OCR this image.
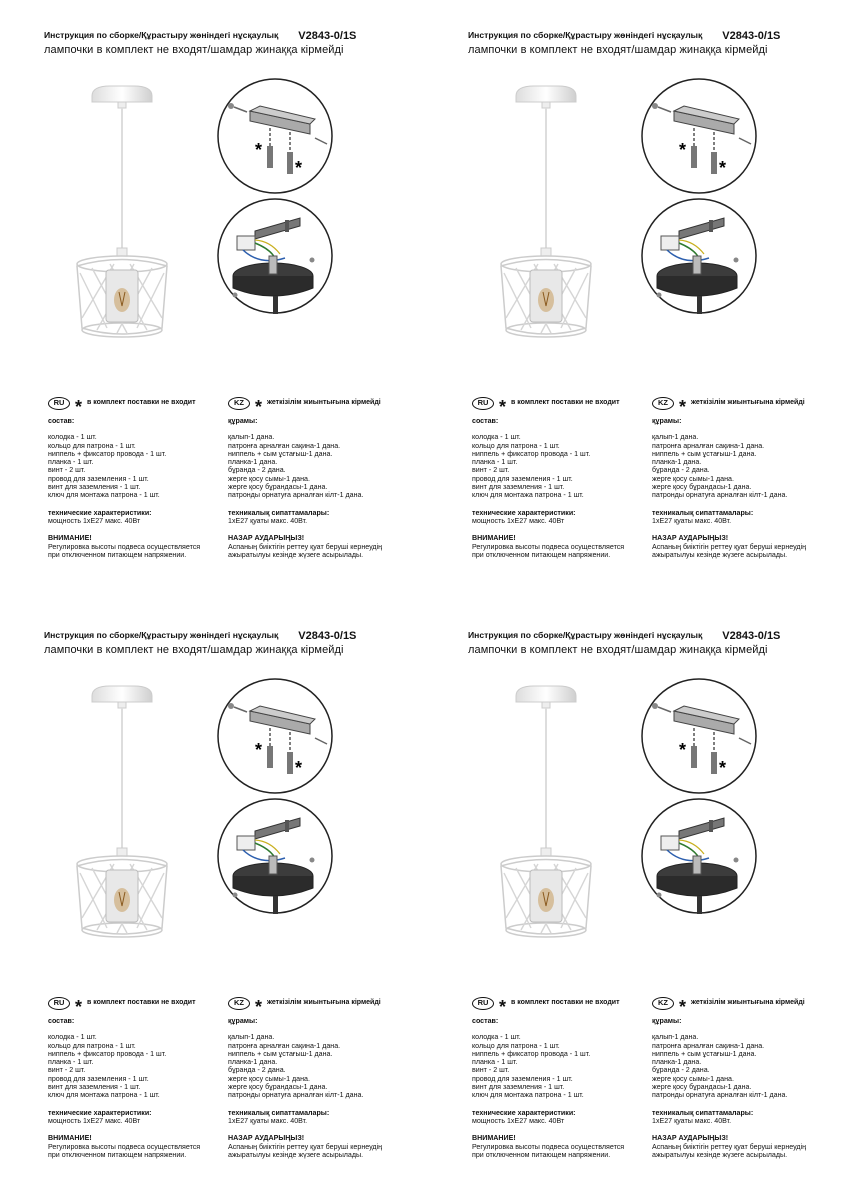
Инструкция по сборке/Құрастыру жөніндегі нұсқаулық V2843-0/1S
лампочки в комплект не входят/шамдар жинаққа кірмейді
*
*
RU * в комплект поставки не входит
состав:
колодка - 1 шт.
кольцо для патрона - 1 шт.
ниппель + фиксатор провода - 1 шт.
планка - 1 шт.
винт - 2 шт.
провод для заземления - 1 шт.
винт для заземления - 1 шт.
ключ для монтажа патрона - 1 шт.
технические характеристики:
мощность 1хЕ27 макс. 40Вт
ВНИМАНИЕ!
Регулировка высоты подвеса осуществляется
при отключенном питающем напряжении.
KZ * жеткізілім жиынтығына кірмейді
құрамы:
қалып-1 дана.
патронға арналған сақина-1 дана.
ниппель + сым ұстағыш-1 дана.
планка-1 дана.
бұранда - 2 дана.
жерге қосу сымы-1 дана.
жерге қосу бұрандасы-1 дана.
патронды орнатуға арналған кілт-1 дана.
техникалық сипаттамалары:
1хЕ27 қуаты макс. 40Вт.
НАЗАР АУДАРЫҢЫЗ!
Аспаның биіктігін реттеу қуат беруші кернеудің
ажыратылуы кезінде жүзеге асырылады.
Инструкция по сборке/Құрастыру жөніндегі нұсқаулық V2843-0/1S
лампочки в комплект не входят/шамдар жинаққа кірмейді
*
*
RU * в комплект поставки не входит
состав:
колодка - 1 шт.
кольцо для патрона - 1 шт.
ниппель + фиксатор провода - 1 шт.
планка - 1 шт.
винт - 2 шт.
провод для заземления - 1 шт.
винт для заземления - 1 шт.
ключ для монтажа патрона - 1 шт.
технические характеристики:
мощность 1хЕ27 макс. 40Вт
ВНИМАНИЕ!
Регулировка высоты подвеса осуществляется
при отключенном питающем напряжении.
KZ * жеткізілім жиынтығына кірмейді
құрамы:
қалып-1 дана.
патронға арналған сақина-1 дана.
ниппель + сым ұстағыш-1 дана.
планка-1 дана.
бұранда - 2 дана.
жерге қосу сымы-1 дана.
жерге қосу бұрандасы-1 дана.
патронды орнатуға арналған кілт-1 дана.
техникалық сипаттамалары:
1хЕ27 қуаты макс. 40Вт.
НАЗАР АУДАРЫҢЫЗ!
Аспаның биіктігін реттеу қуат беруші кернеудің
ажыратылуы кезінде жүзеге асырылады.
Инструкция по сборке/Құрастыру жөніндегі нұсқаулық V2843-0/1S
лампочки в комплект не входят/шамдар жинаққа кірмейді
*
*
RU * в комплект поставки не входит
состав:
колодка - 1 шт.
кольцо для патрона - 1 шт.
ниппель + фиксатор провода - 1 шт.
планка - 1 шт.
винт - 2 шт.
провод для заземления - 1 шт.
винт для заземления - 1 шт.
ключ для монтажа патрона - 1 шт.
технические характеристики:
мощность 1хЕ27 макс. 40Вт
ВНИМАНИЕ!
Регулировка высоты подвеса осуществляется
при отключенном питающем напряжении.
KZ * жеткізілім жиынтығына кірмейді
құрамы:
қалып-1 дана.
патронға арналған сақина-1 дана.
ниппель + сым ұстағыш-1 дана.
планка-1 дана.
бұранда - 2 дана.
жерге қосу сымы-1 дана.
жерге қосу бұрандасы-1 дана.
патронды орнатуға арналған кілт-1 дана.
техникалық сипаттамалары:
1хЕ27 қуаты макс. 40Вт.
НАЗАР АУДАРЫҢЫЗ!
Аспаның биіктігін реттеу қуат беруші кернеудің
ажыратылуы кезінде жүзеге асырылады.
Инструкция по сборке/Құрастыру жөніндегі нұсқаулық V2843-0/1S
лампочки в комплект не входят/шамдар жинаққа кірмейді
*
*
RU * в комплект поставки не входит
состав:
колодка - 1 шт.
кольцо для патрона - 1 шт.
ниппель + фиксатор провода - 1 шт.
планка - 1 шт.
винт - 2 шт.
провод для заземления - 1 шт.
винт для заземления - 1 шт.
ключ для монтажа патрона - 1 шт.
технические характеристики:
мощность 1хЕ27 макс. 40Вт
ВНИМАНИЕ!
Регулировка высоты подвеса осуществляется
при отключенном питающем напряжении.
KZ * жеткізілім жиынтығына кірмейді
құрамы:
қалып-1 дана.
патронға арналған сақина-1 дана.
ниппель + сым ұстағыш-1 дана.
планка-1 дана.
бұранда - 2 дана.
жерге қосу сымы-1 дана.
жерге қосу бұрандасы-1 дана.
патронды орнатуға арналған кілт-1 дана.
техникалық сипаттамалары:
1хЕ27 қуаты макс. 40Вт.
НАЗАР АУДАРЫҢЫЗ!
Аспаның биіктігін реттеу қуат беруші кернеудің
ажыратылуы кезінде жүзеге асырылады.
